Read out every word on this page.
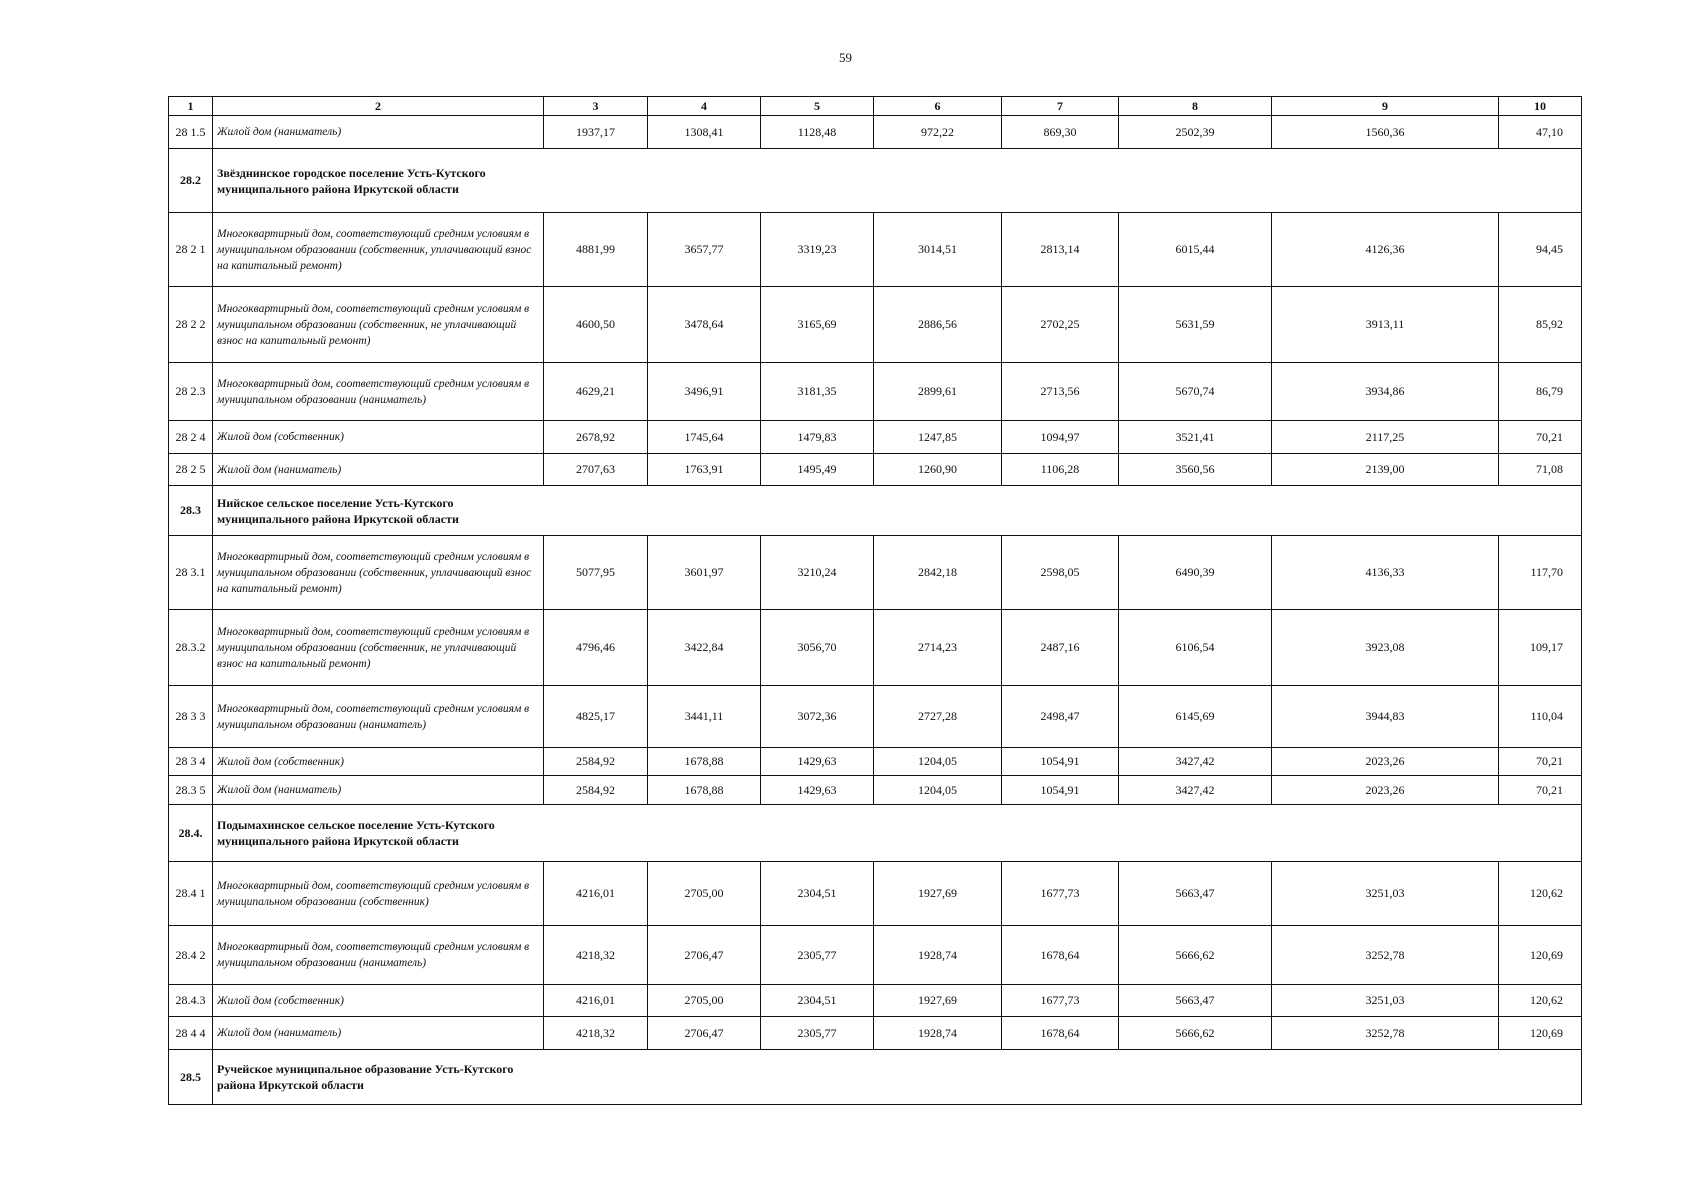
59
1	2	3	4	5	6	7	8	9	10
28 1.5	Жилой дом (наниматель)	1937,17	1308,41	1128,48	972,22	869,30	2502,39	1560,36	47,10
28.2	Звёзднинское городское поселение Усть-Кутского муниципального района Иркутской области								

28 2 1	Многоквартирный дом, соответствующий средним условиям в муниципальном образовании (собственник, уплачивающий взнос на капитальный ремонт)	4881,99	3657,77	3319,23	3014,51	2813,14	6015,44	4126,36	94,45
28 2 2	Многоквартирный дом, соответствующий средним условиям в муниципальном образовании (собственник, не уплачивающий взнос на капитальный ремонт)	4600,50	3478,64	3165,69	2886,56	2702,25	5631,59	3913,11	85,92
28 2.3	Многоквартирный дом, соответствующий средним условиям в муниципальном образовании (наниматель)	4629,21	3496,91	3181,35	2899,61	2713,56	5670,74	3934,86	86,79
28 2 4	Жилой дом (собственник)	2678,92	1745,64	1479,83	1247,85	1094,97	3521,41	2117,25	70,21
28 2 5	Жилой дом (наниматель)	2707,63	1763,91	1495,49	1260,90	1106,28	3560,56	2139,00	71,08
28.3	Нийское сельское поселение Усть-Кутского муниципального района Иркутской области								

28 3.1	Многоквартирный дом, соответствующий средним условиям в муниципальном образовании (собственник, уплачивающий взнос на капитальный ремонт)	5077,95	3601,97	3210,24	2842,18	2598,05	6490,39	4136,33	117,70
28.3.2	Многоквартирный дом, соответствующий средним условиям в муниципальном образовании (собственник, не уплачивающий взнос на капитальный ремонт)	4796,46	3422,84	3056,70	2714,23	2487,16	6106,54	3923,08	109,17
28 3 3	Многоквартирный дом, соответствующий средним условиям в муниципальном образовании (наниматель)	4825,17	3441,11	3072,36	2727,28	2498,47	6145,69	3944,83	110,04
28 3 4	Жилой дом (собственник)	2584,92	1678,88	1429,63	1204,05	1054,91	3427,42	2023,26	70,21
28.3 5	Жилой дом (наниматель)	2584,92	1678,88	1429,63	1204,05	1054,91	3427,42	2023,26	70,21
28.4.	Подымахинское сельское поселение Усть-Кутского муниципального района Иркутской области								

28.4 1	Многоквартирный дом, соответствующий средним условиям в муниципальном образовании (собственник)	4216,01	2705,00	2304,51	1927,69	1677,73	5663,47	3251,03	120,62
28.4 2	Многоквартирный дом, соответствующий средним условиям в муниципальном образовании (наниматель)	4218,32	2706,47	2305,77	1928,74	1678,64	5666,62	3252,78	120,69
28.4.3	Жилой дом (собственник)	4216,01	2705,00	2304,51	1927,69	1677,73	5663,47	3251,03	120,62
28 4 4	Жилой дом (наниматель)	4218,32	2706,47	2305,77	1928,74	1678,64	5666,62	3252,78	120,69
28.5	Ручейское муниципальное образование Усть-Кутского района Иркутской области								
